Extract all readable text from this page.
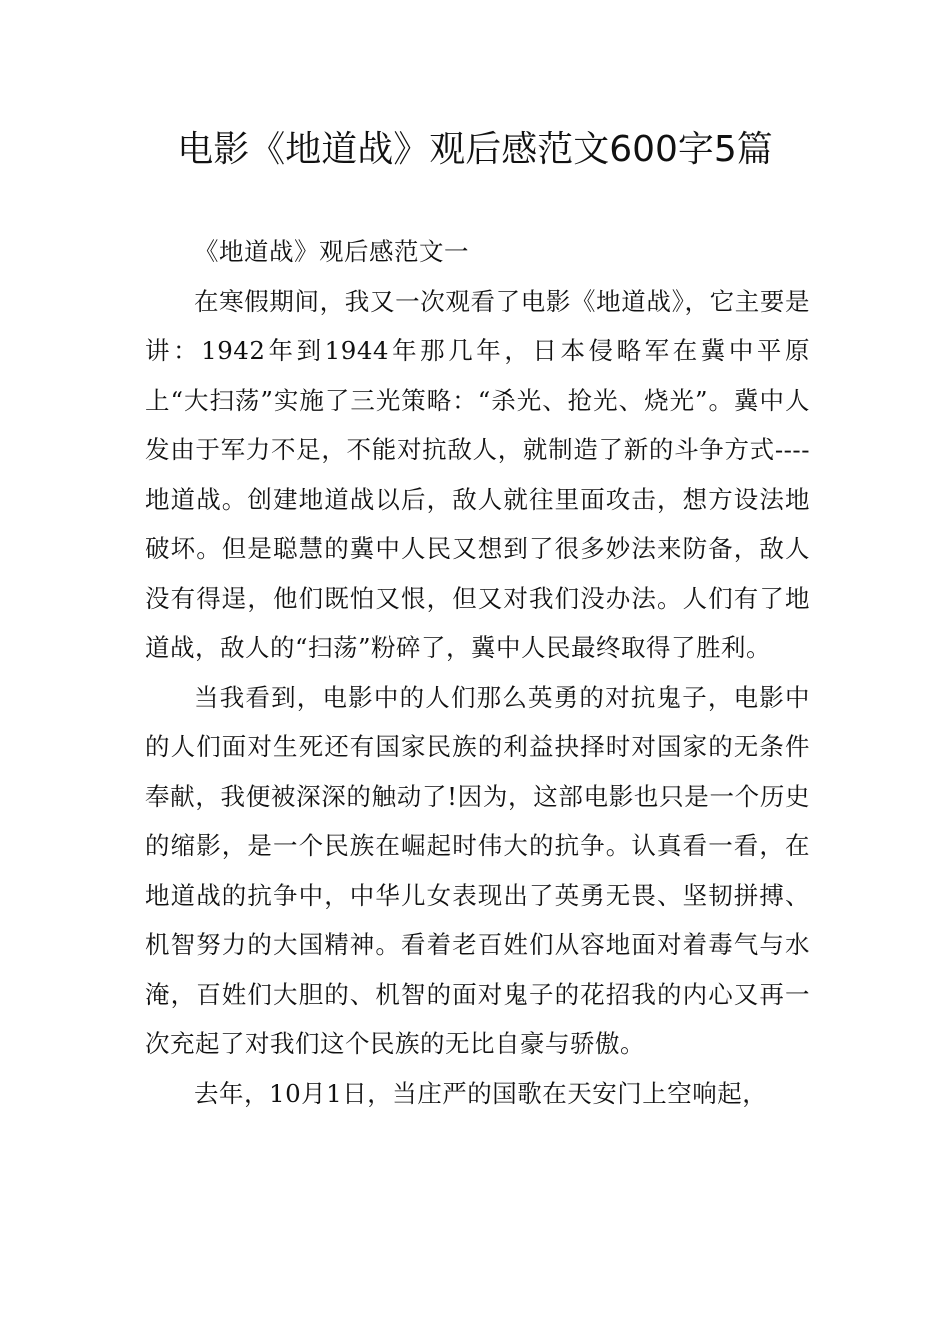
电影《地道战》观后感范文600字5篇

《地道战》观后感范文一

在寒假期间，我又一次观看了电影《地道战》，它主要是讲：1942年到1944年那几年，日本侵略军在冀中平原上“大扫荡”实施了三光策略：“杀光、抢光、烧光”。冀中人发由于军力不足，不能对抗敌人，就制造了新的斗争方式----地道战。创建地道战以后，敌人就往里面攻击，想方设法地破坏。但是聪慧的冀中人民又想到了很多妙法来防备，敌人没有得逞，他们既怕又恨，但又对我们没办法。人们有了地道战，敌人的“扫荡”粉碎了，冀中人民最终取得了胜利。

当我看到，电影中的人们那么英勇的对抗鬼子，电影中的人们面对生死还有国家民族的利益抉择时对国家的无条件奉献，我便被深深的触动了!因为，这部电影也只是一个历史的缩影，是一个民族在崛起时伟大的抗争。认真看一看，在地道战的抗争中，中华儿女表现出了英勇无畏、坚韧拼搏、机智努力的大国精神。看着老百姓们从容地面对着毒气与水淹，百姓们大胆的、机智的面对鬼子的花招我的内心又再一次充起了对我们这个民族的无比自豪与骄傲。

去年，10月1日，当庄严的国歌在天安门上空响起，
